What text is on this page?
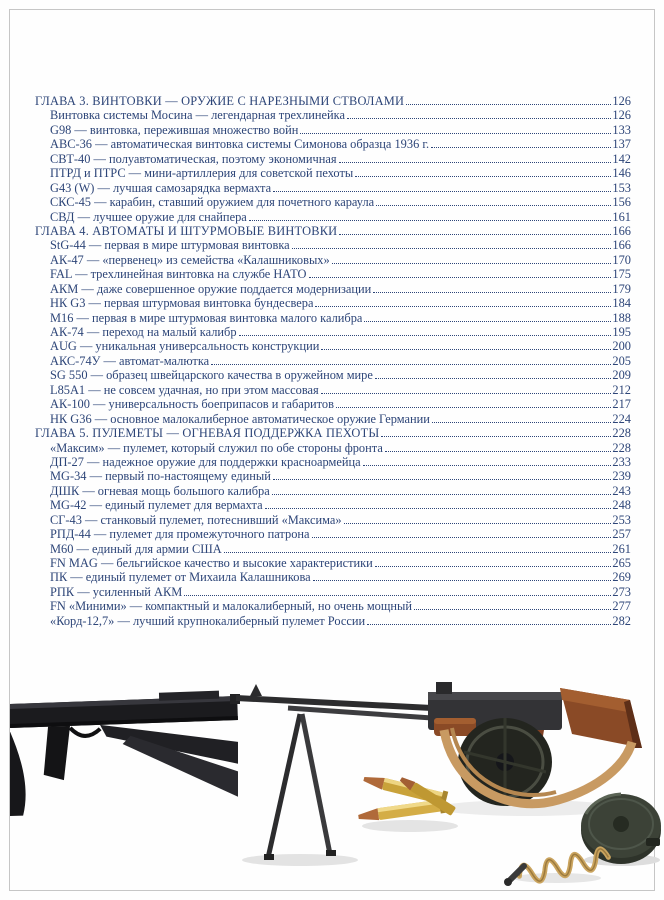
ГЛАВА 3. ВИНТОВКИ — ОРУЖИЕ С НАРЕЗНЫМИ СТВОЛАМИ	126
Винтовка системы Мосина — легендарная трехлинейка	126
G98 — винтовка, пережившая множество войн	133
АВС-36 — автоматическая винтовка системы Симонова образца 1936 г.	137
СВТ-40 — полуавтоматическая, поэтому экономичная	142
ПТРД и ПТРС — мини-артиллерия для советской пехоты	146
G43 (W) — лучшая самозарядка вермахта	153
СКС-45 — карабин, ставший оружием для почетного караула	156
СВД — лучшее оружие для снайпера	161
ГЛАВА 4. АВТОМАТЫ И ШТУРМОВЫЕ ВИНТОВКИ	166
StG-44 — первая в мире штурмовая винтовка	166
АК-47 — «первенец» из семейства «Калашниковых»	170
FAL — трехлинейная винтовка на службе НАТО	175
АКМ — даже совершенное оружие поддается модернизации	179
НК G3 — первая штурмовая винтовка бундесвера	184
М16 — первая в мире штурмовая винтовка малого калибра	188
АК-74 — переход на малый калибр	195
AUG — уникальная универсальность конструкции	200
АКС-74У — автомат-малютка	205
SG 550 — образец швейцарского качества в оружейном мире	209
L85A1 — не совсем удачная, но при этом массовая	212
АК-100 — универсальность боеприпасов и габаритов	217
НК G36 — основное малокалиберное автоматическое оружие Германии	224
ГЛАВА 5. ПУЛЕМЕТЫ — ОГНЕВАЯ ПОДДЕРЖКА ПЕХОТЫ	228
«Максим» — пулемет, который служил по обе стороны фронта	228
ДП-27 — надежное оружие для поддержки красноармейца	233
MG-34 — первый по-настоящему единый	239
ДШК — огневая мощь большого калибра	243
MG-42 — единый пулемет для вермахта	248
СГ-43 — станковый пулемет, потеснивший «Максима»	253
РПД-44 — пулемет для промежуточного патрона	257
М60 — единый для армии США	261
FN MAG — бельгийское качество и высокие характеристики	265
ПК — единый пулемет от Михаила Калашникова	269
РПК — усиленный АКМ	273
FN «Миними» — компактный и малокалиберный, но очень мощный	277
«Корд-12,7» — лучший крупнокалиберный пулемет России	282
